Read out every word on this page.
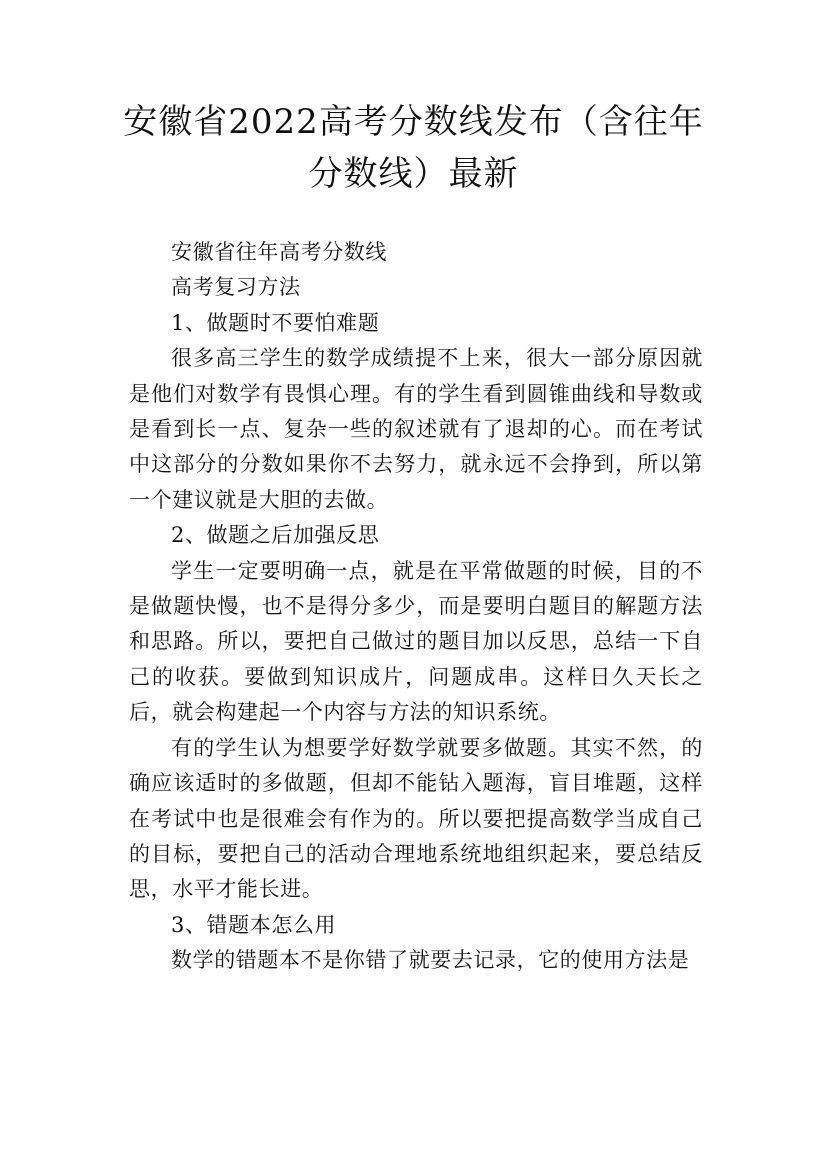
安徽省2022高考分数线发布（含往年分数线）最新
安徽省往年高考分数线
高考复习方法
1、做题时不要怕难题
很多高三学生的数学成绩提不上来，很大一部分原因就是他们对数学有畏惧心理。有的学生看到圆锥曲线和导数或是看到长一点、复杂一些的叙述就有了退却的心。而在考试中这部分的分数如果你不去努力，就永远不会挣到，所以第一个建议就是大胆的去做。
2、做题之后加强反思
学生一定要明确一点，就是在平常做题的时候，目的不是做题快慢，也不是得分多少，而是要明白题目的解题方法和思路。所以，要把自己做过的题目加以反思，总结一下自己的收获。要做到知识成片，问题成串。这样日久天长之后，就会构建起一个内容与方法的知识系统。
有的学生认为想要学好数学就要多做题。其实不然，的确应该适时的多做题，但却不能钻入题海，盲目堆题，这样在考试中也是很难会有作为的。所以要把提高数学当成自己的目标，要把自己的活动合理地系统地组织起来，要总结反思，水平才能长进。
3、错题本怎么用
数学的错题本不是你错了就要去记录，它的使用方法是
